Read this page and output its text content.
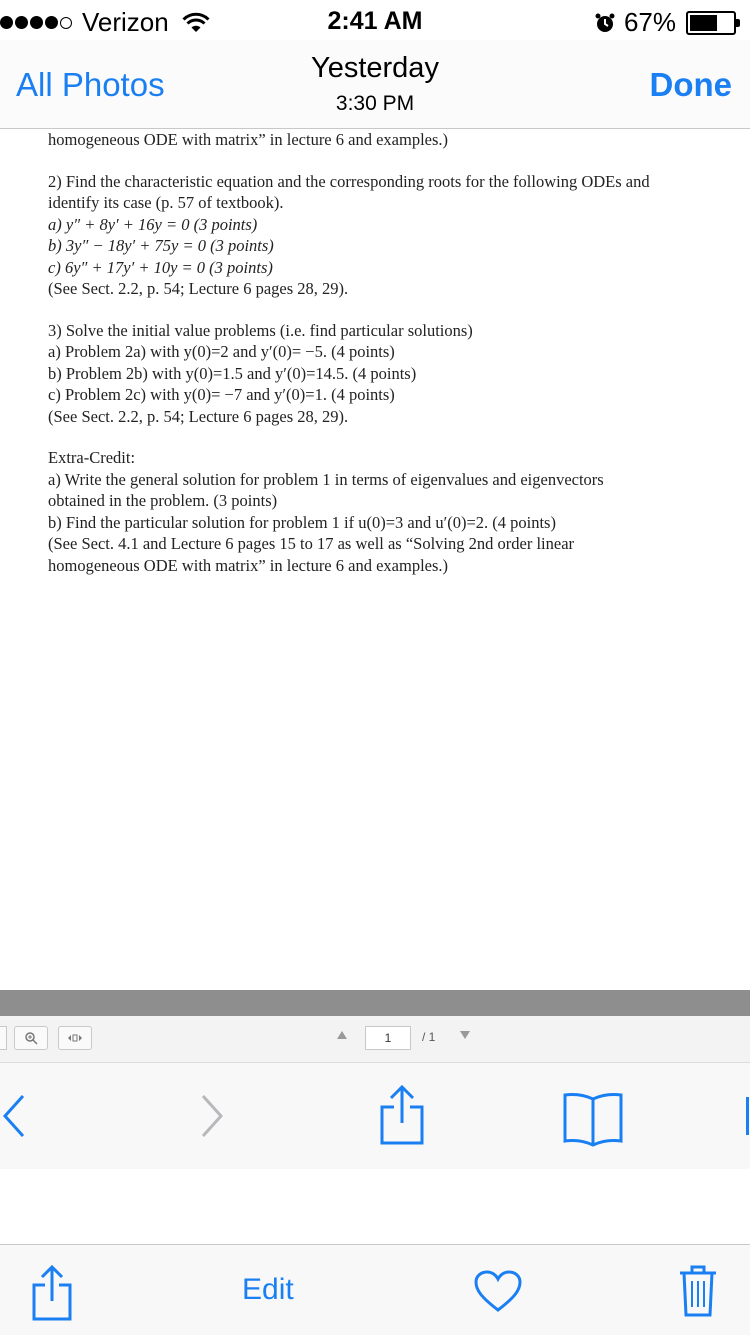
Verizon	2:41 AM	67%
All Photos	Yesterday
3:30 PM
Done

homogeneous ODE with matrix” in lecture 6 and examples.)

2) Find the characteristic equation and the corresponding roots for the following ODEs and

identify its case (p. 57 of textbook).

a) y″ + 8y′ + 16y = 0 (3 points)

b) 3y″ − 18y′ + 75y = 0 (3 points)

c) 6y″ + 17y′ + 10y = 0 (3 points)

(See Sect. 2.2, p. 54; Lecture 6 pages 28, 29).

3) Solve the initial value problems (i.e. find particular solutions)

a) Problem 2a) with y(0)=2 and y′(0)= −5. (4 points)

b) Problem 2b) with y(0)=1.5 and y′(0)=14.5. (4 points)

c) Problem 2c) with y(0)= −7 and y′(0)=1. (4 points)

(See Sect. 2.2, p. 54; Lecture 6 pages 28, 29).

Extra-Credit:

a) Write the general solution for problem 1 in terms of eigenvalues and eigenvectors

obtained in the problem. (3 points)

b) Find the particular solution for problem 1 if u(0)=3 and u′(0)=2. (4 points)

(See Sect. 4.1 and Lecture 6 pages 15 to 17 as well as “Solving 2nd order linear

homogeneous ODE with matrix” in lecture 6 and examples.)

1	/ 1
Edit
